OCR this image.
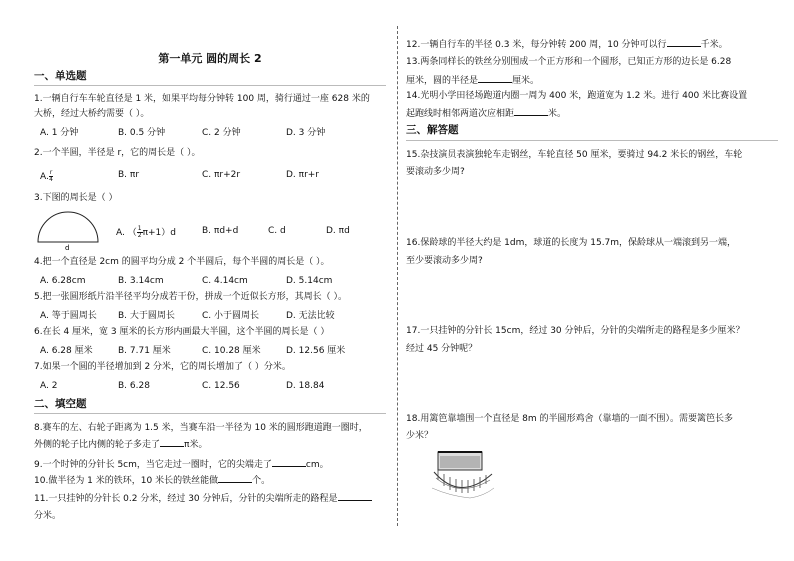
第一单元 圆的周长 2
一、单选题
1.一辆自行车车轮直径是 1 米，如果平均每分钟转 100 周，骑行通过一座 628 米的
大桥，经过大桥约需要（ ）。
A. 1 分钟	B. 0.5 分钟	C. 2 分钟	D. 3 分钟
2.一个半圆，半径是 r，它的周长是（ ）。
A. $\frac{r}{4}$	B. πr	C. πr+2r	D. πr+r
3.下图的周长是（ ）
d
A. （ $\frac{1}{2} \pi+1)d$	B. πd+d	C. d	D. πd
4.把一个直径是 2cm 的圆平均分成 2 个半圆后，每个半圆的周长是（ ）。
A. 6.28cm	B. 3.14cm	C. 4.14cm	D. 5.14cm
5.把一张圆形纸片沿半径平均分成若干份，拼成一个近似长方形，其周长（ ）。
A. 等于圆周长	B. 大于圆周长	C. 小于圆周长	D. 无法比较
6.在长 4 厘米，宽 3 厘米的长方形内画最大半圆，这个半圆的周长是（ ）
A. 6.28 厘米	B. 7.71 厘米	C. 10.28 厘米	D. 12.56 厘米
7.如果一个圆的半径增加到 2 分米，它的周长增加了（ ）分米。
A. 2	B. 6.28	C. 12.56	D. 18.84
二、填空题
8.赛车的左、右轮子距离为 1.5 米，当赛车沿一半径为 10 米的圆形跑道跑一圈时，
外侧的轮子比内侧的轮子多走了	π米。
9.一个时钟的分针长 5cm，当它走过一圈时，它的尖端走了	cm。
10.做半径为 1 米的铁环，10 米长的铁丝能做	个。
11.一只挂钟的分针长 0.2 分米，经过 30 分钟后，分针的尖端所走的路程是
分米。
12.一辆自行车的半径 0.3 米，每分钟转 200 周，10 分钟可以行	千米。
13.两条同样长的铁丝分别围成一个正方形和一个圆形，已知正方形的边长是 6.28
厘米，圆的半径是	厘米。
14.光明小学田径场跑道内圈一周为 400 米，跑道宽为 1.2 米。进行 400 米比赛设置
起跑线时相邻两道次应相距	米。
三、解答题
15.杂技演员表演独轮车走钢丝，车轮直径 50 厘米，要骑过 94.2 米长的钢丝，车轮
要滚动多少周?
16.保龄球的半径大约是 1dm，球道的长度为 15.7m，保龄球从一端滚到另一端，
至少要滚动多少周?
17.一只挂钟的分针长 15cm，经过 30 分钟后，分针的尖端所走的路程是多少厘米？
经过 45 分钟呢？
18.用篱笆靠墙围一个直径是 8m 的半圆形鸡舍（靠墙的一面不围）。需要篱笆长多
少米？
